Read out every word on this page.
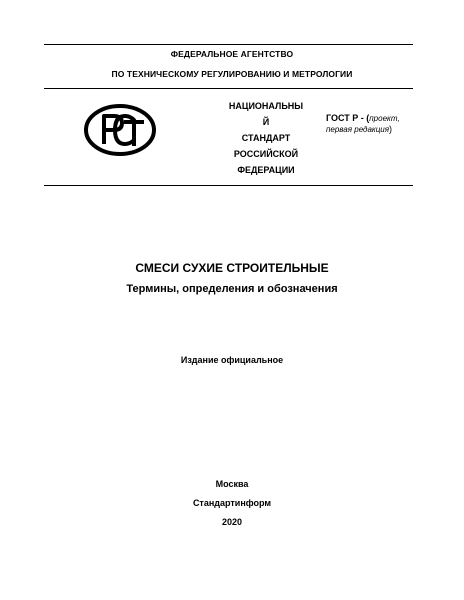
ФЕДЕРАЛЬНОЕ АГЕНТСТВО
ПО ТЕХНИЧЕСКОМУ РЕГУЛИРОВАНИЮ И МЕТРОЛОГИИ
НАЦИОНАЛЬНЫ
Й
СТАНДАРТ
РОССИЙСКОЙ
ФЕДЕРАЦИИ
ГОСТ Р - (проект,
первая редакция)
СМЕСИ СУХИЕ СТРОИТЕЛЬНЫЕ
Термины, определения и обозначения
Издание официальное
Москва
Стандартинформ
2020
